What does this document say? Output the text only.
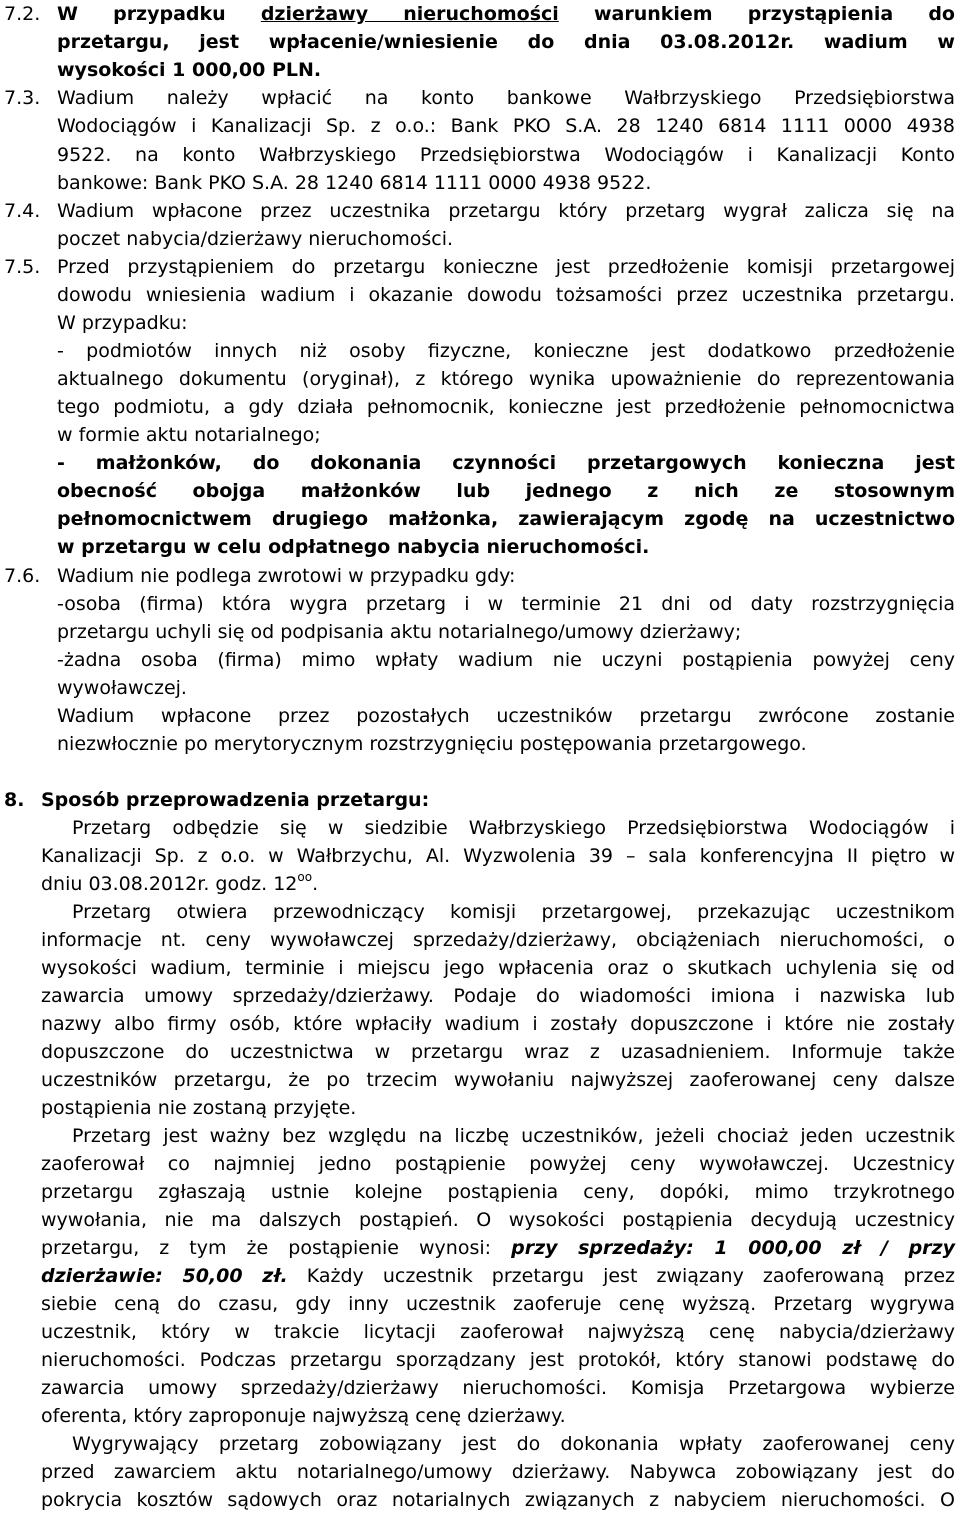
7.2. W przypadku dzierżawy nieruchomości warunkiem przystąpienia do
przetargu, jest wpłacenie/wniesienie do dnia 03.08.2012r. wadium w
wysokości 1 000,00 PLN.
7.3. Wadium należy wpłacić na konto bankowe Wałbrzyskiego Przedsiębiorstwa
Wodociągów i Kanalizacji Sp. z o.o.: Bank PKO S.A. 28 1240 6814 1111 0000 4938
9522. na konto Wałbrzyskiego Przedsiębiorstwa Wodociągów i Kanalizacji Konto
bankowe: Bank PKO S.A. 28 1240 6814 1111 0000 4938 9522.
7.4. Wadium wpłacone przez uczestnika przetargu który przetarg wygrał zalicza się na
poczet nabycia/dzierżawy nieruchomości.
7.5. Przed przystąpieniem do przetargu konieczne jest przedłożenie komisji przetargowej
dowodu wniesienia wadium i okazanie dowodu tożsamości przez uczestnika przetargu.
W przypadku:
- podmiotów innych niż osoby fizyczne, konieczne jest dodatkowo przedłożenie
aktualnego dokumentu (oryginał), z którego wynika upoważnienie do reprezentowania
tego podmiotu, a gdy działa pełnomocnik, konieczne jest przedłożenie pełnomocnictwa
w formie aktu notarialnego;
- małżonków, do dokonania czynności przetargowych konieczna jest
obecność obojga małżonków lub jednego z nich ze stosownym
pełnomocnictwem drugiego małżonka, zawierającym zgodę na uczestnictwo
w przetargu w celu odpłatnego nabycia nieruchomości.
7.6. Wadium nie podlega zwrotowi w przypadku gdy:
-osoba (firma) która wygra przetarg i w terminie 21 dni od daty rozstrzygnięcia
przetargu uchyli się od podpisania aktu notarialnego/umowy dzierżawy;
-żadna osoba (firma) mimo wpłaty wadium nie uczyni postąpienia powyżej ceny
wywoławczej.
Wadium wpłacone przez pozostałych uczestników przetargu zwrócone zostanie
niezwłocznie po merytorycznym rozstrzygnięciu postępowania przetargowego.
8. Sposób przeprowadzenia przetargu:
Przetarg odbędzie się w siedzibie Wałbrzyskiego Przedsiębiorstwa Wodociągów i
Kanalizacji Sp. z o.o. w Wałbrzychu, Al. Wyzwolenia 39 – sala konferencyjna II piętro w
dniu 03.08.2012r. godz. $12^{oo}$.
Przetarg otwiera przewodniczący komisji przetargowej, przekazując uczestnikom
informacje nt. ceny wywoławczej sprzedaży/dzierżawy, obciążeniach nieruchomości, o
wysokości wadium, terminie i miejscu jego wpłacenia oraz o skutkach uchylenia się od
zawarcia umowy sprzedaży/dzierżawy. Podaje do wiadomości imiona i nazwiska lub
nazwy albo firmy osób, które wpłaciły wadium i zostały dopuszczone i które nie zostały
dopuszczone do uczestnictwa w przetargu wraz z uzasadnieniem. Informuje także
uczestników przetargu, że po trzecim wywołaniu najwyższej zaoferowanej ceny dalsze
postąpienia nie zostaną przyjęte.
Przetarg jest ważny bez względu na liczbę uczestników, jeżeli chociaż jeden uczestnik
zaoferował co najmniej jedno postąpienie powyżej ceny wywoławczej. Uczestnicy
przetargu zgłaszają ustnie kolejne postąpienia ceny, dopóki, mimo trzykrotnego
wywołania, nie ma dalszych postąpień. O wysokości postąpienia decydują uczestnicy
przetargu, z tym że postąpienie wynosi: przy sprzedaży: 1 000,00 zł / przy
dzierżawie: 50,00 zł. Każdy uczestnik przetargu jest związany zaoferowaną przez
siebie ceną do czasu, gdy inny uczestnik zaoferuje cenę wyższą. Przetarg wygrywa
uczestnik, który w trakcie licytacji zaoferował najwyższą cenę nabycia/dzierżawy
nieruchomości. Podczas przetargu sporządzany jest protokół, który stanowi podstawę do
zawarcia umowy sprzedaży/dzierżawy nieruchomości. Komisja Przetargowa wybierze
oferenta, który zaproponuje najwyższą cenę dzierżawy.
Wygrywający przetarg zobowiązany jest do dokonania wpłaty zaoferowanej ceny
przed zawarciem aktu notarialnego/umowy dzierżawy. Nabywca zobowiązany jest do
pokrycia kosztów sądowych oraz notarialnych związanych z nabyciem nieruchomości. O
